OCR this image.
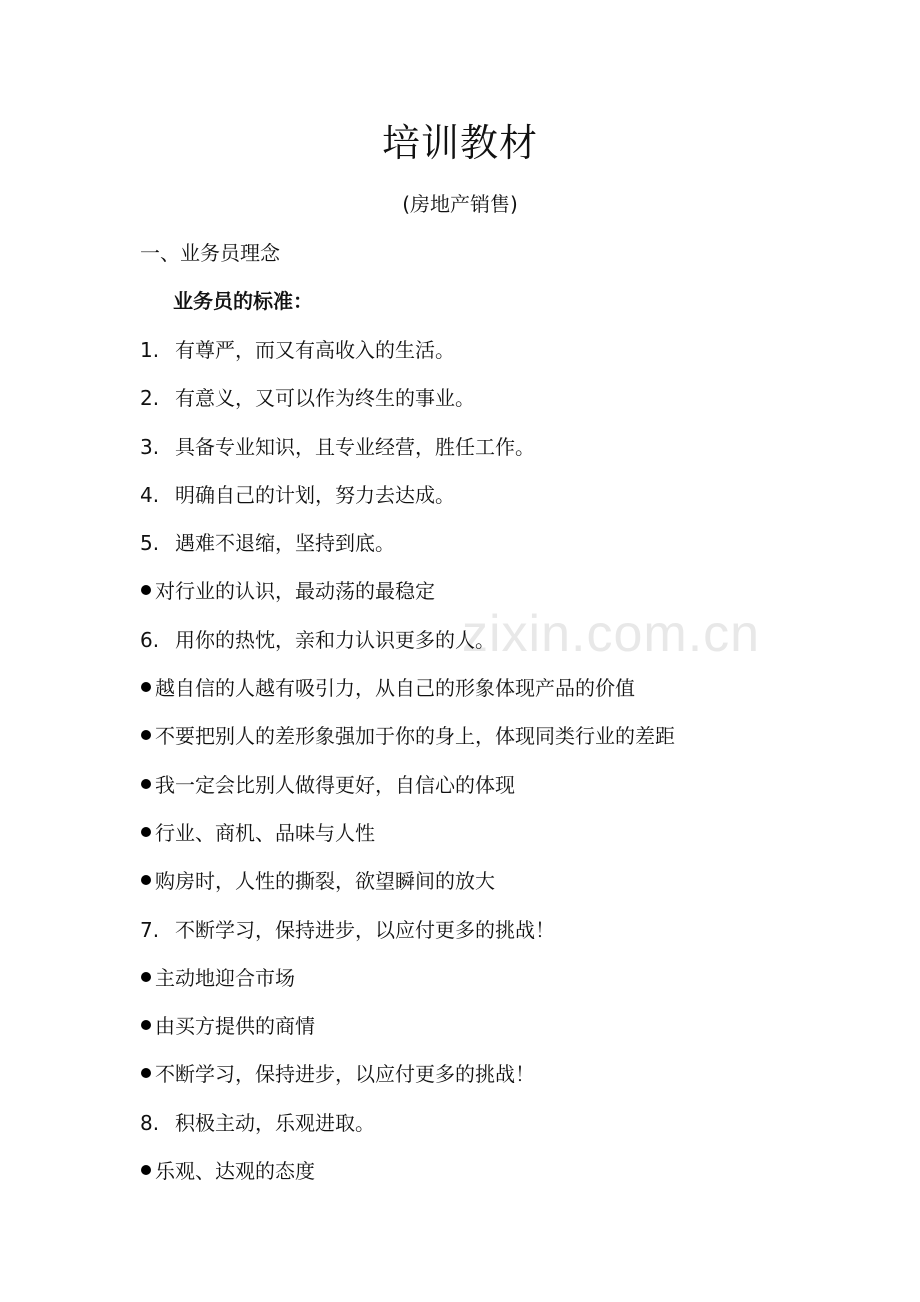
zixin.com.cn
培训教材
(房地产销售)
一、业务员理念
业务员的标准：
1. 有尊严，而又有高收入的生活。
2. 有意义，又可以作为终生的事业。
3. 具备专业知识，且专业经营，胜任工作。
4. 明确自己的计划，努力去达成。
5. 遇难不退缩，坚持到底。
对行业的认识，最动荡的最稳定
6. 用你的热忱，亲和力认识更多的人。
越自信的人越有吸引力，从自己的形象体现产品的价值
不要把别人的差形象强加于你的身上，体现同类行业的差距
我一定会比别人做得更好，自信心的体现
行业、商机、品味与人性
购房时，人性的撕裂，欲望瞬间的放大
7. 不断学习，保持进步，以应付更多的挑战！
主动地迎合市场
由买方提供的商情
不断学习，保持进步，以应付更多的挑战！
8. 积极主动，乐观进取。
乐观、达观的态度
